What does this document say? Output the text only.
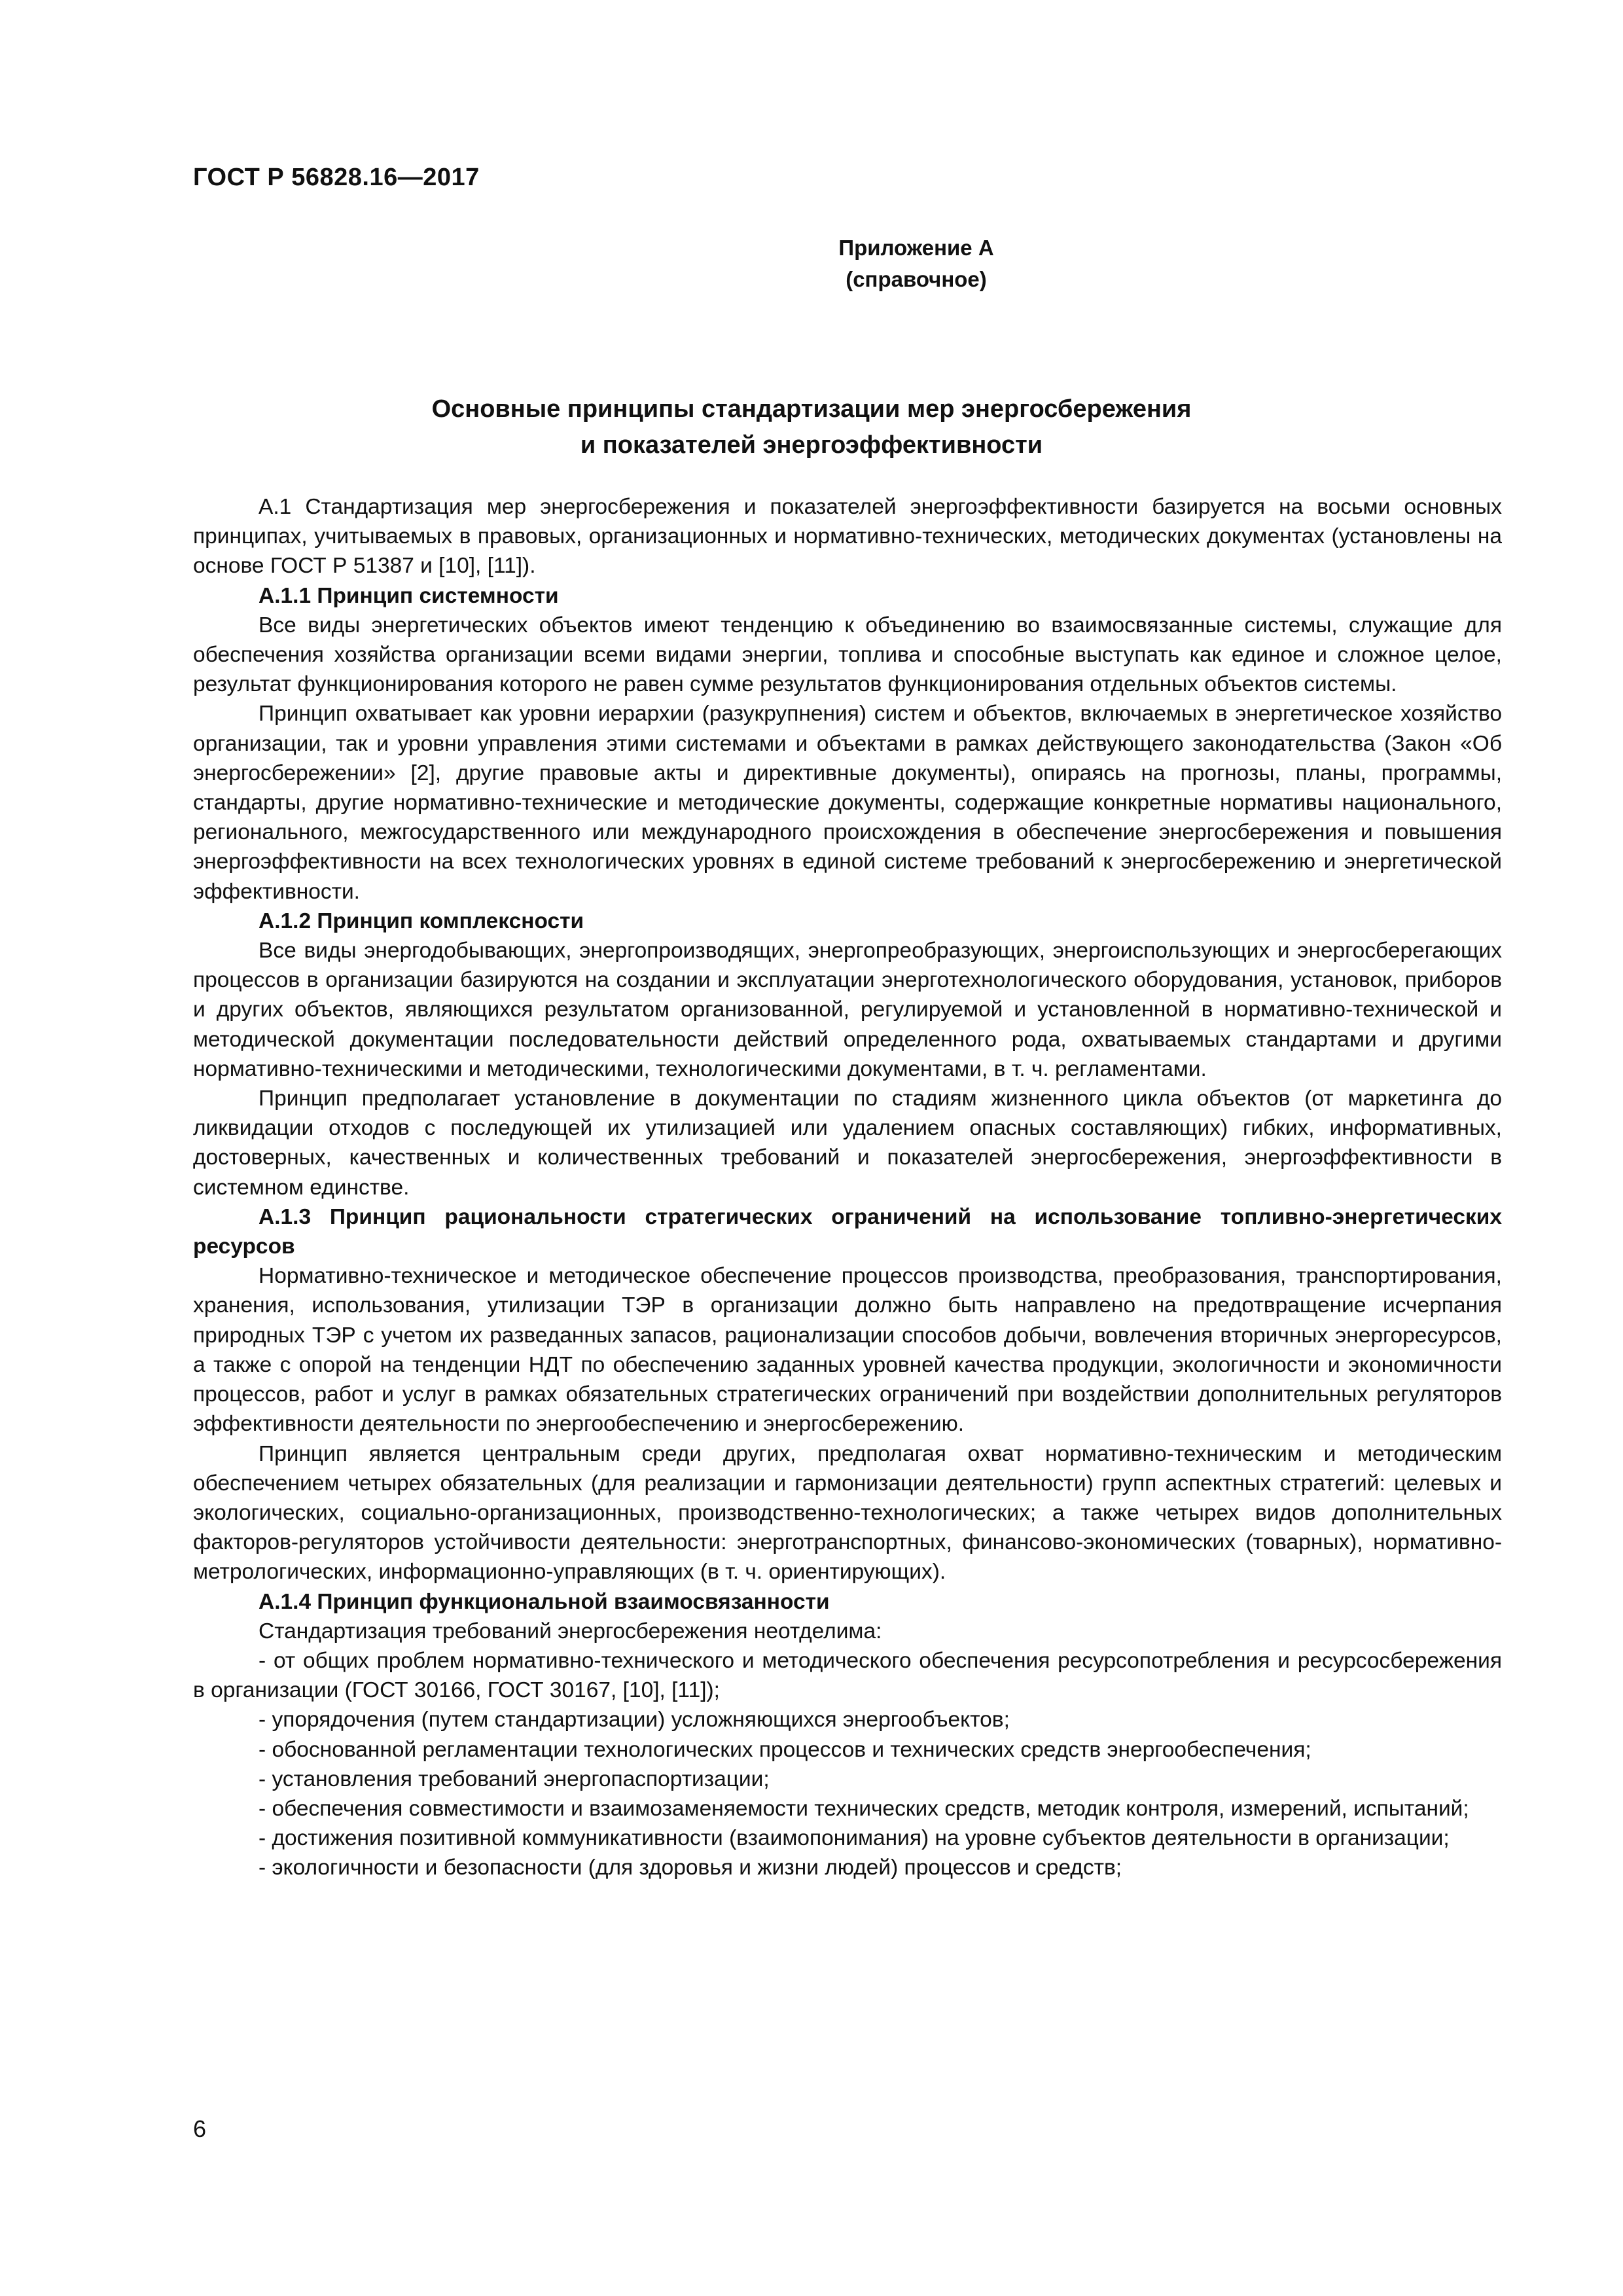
ГОСТ Р 56828.16—2017
Приложение А
(справочное)
Основные принципы стандартизации мер энергосбережения
и показателей энергоэффективности

А.1 Стандартизация мер энергосбережения и показателей энергоэффективности базируется на восьми основных принципах, учитываемых в правовых, организационных и нормативно-технических, методических документах (установлены на основе ГОСТ Р 51387 и [10], [11]).

А.1.1 Принцип системности

Все виды энергетических объектов имеют тенденцию к объединению во взаимосвязанные системы, служащие для обеспечения хозяйства организации всеми видами энергии, топлива и способные выступать как единое и сложное целое, результат функционирования которого не равен сумме результатов функционирования отдельных объектов системы.

Принцип охватывает как уровни иерархии (разукрупнения) систем и объектов, включаемых в энергетическое хозяйство организации, так и уровни управления этими системами и объектами в рамках действующего законодательства (Закон «Об энергосбережении» [2], другие правовые акты и директивные документы), опираясь на прогнозы, планы, программы, стандарты, другие нормативно-технические и методические документы, содержащие конкретные нормативы национального, регионального, межгосударственного или международного происхождения в обеспечение энергосбережения и повышения энергоэффективности на всех технологических уровнях в единой системе требований к энергосбережению и энергетической эффективности.

А.1.2 Принцип комплексности

Все виды энергодобывающих, энергопроизводящих, энергопреобразующих, энергоиспользующих и энергосберегающих процессов в организации базируются на создании и эксплуатации энерготехнологического оборудования, установок, приборов и других объектов, являющихся результатом организованной, регулируемой и установленной в нормативно-технической и методической документации последовательности действий определенного рода, охватываемых стандартами и другими нормативно-техническими и методическими, технологическими документами, в т. ч. регламентами.

Принцип предполагает установление в документации по стадиям жизненного цикла объектов (от маркетинга до ликвидации отходов с последующей их утилизацией или удалением опасных составляющих) гибких, информативных, достоверных, качественных и количественных требований и показателей энергосбережения, энергоэффективности в системном единстве.

А.1.3 Принцип рациональности стратегических ограничений на использование топливно-энергетических ресурсов

Нормативно-техническое и методическое обеспечение процессов производства, преобразования, транспортирования, хранения, использования, утилизации ТЭР в организации должно быть направлено на предотвращение исчерпания природных ТЭР с учетом их разведанных запасов, рационализации способов добычи, вовлечения вторичных энергоресурсов, а также с опорой на тенденции НДТ по обеспечению заданных уровней качества продукции, экологичности и экономичности процессов, работ и услуг в рамках обязательных стратегических ограничений при воздействии дополнительных регуляторов эффективности деятельности по энергообеспечению и энергосбережению.

Принцип является центральным среди других, предполагая охват нормативно-техническим и методическим обеспечением четырех обязательных (для реализации и гармонизации деятельности) групп аспектных стратегий: целевых и экологических, социально-организационных, производственно-технологических; а также четырех видов дополнительных факторов-регуляторов устойчивости деятельности: энерготранспортных, финансово-экономических (товарных), нормативно-метрологических, информационно-управляющих (в т. ч. ориентирующих).

А.1.4 Принцип функциональной взаимосвязанности

Стандартизация требований энергосбережения неотделима:

- от общих проблем нормативно-технического и методического обеспечения ресурсопотребления и ресурсосбережения в организации (ГОСТ 30166, ГОСТ 30167, [10], [11]);

- упорядочения (путем стандартизации) усложняющихся энергообъектов;

- обоснованной регламентации технологических процессов и технических средств энергообеспечения;

- установления требований энергопаспортизации;

- обеспечения совместимости и взаимозаменяемости технических средств, методик контроля, измерений, испытаний;

- достижения позитивной коммуникативности (взаимопонимания) на уровне субъектов деятельности в организации;

- экологичности и безопасности (для здоровья и жизни людей) процессов и средств;

6
